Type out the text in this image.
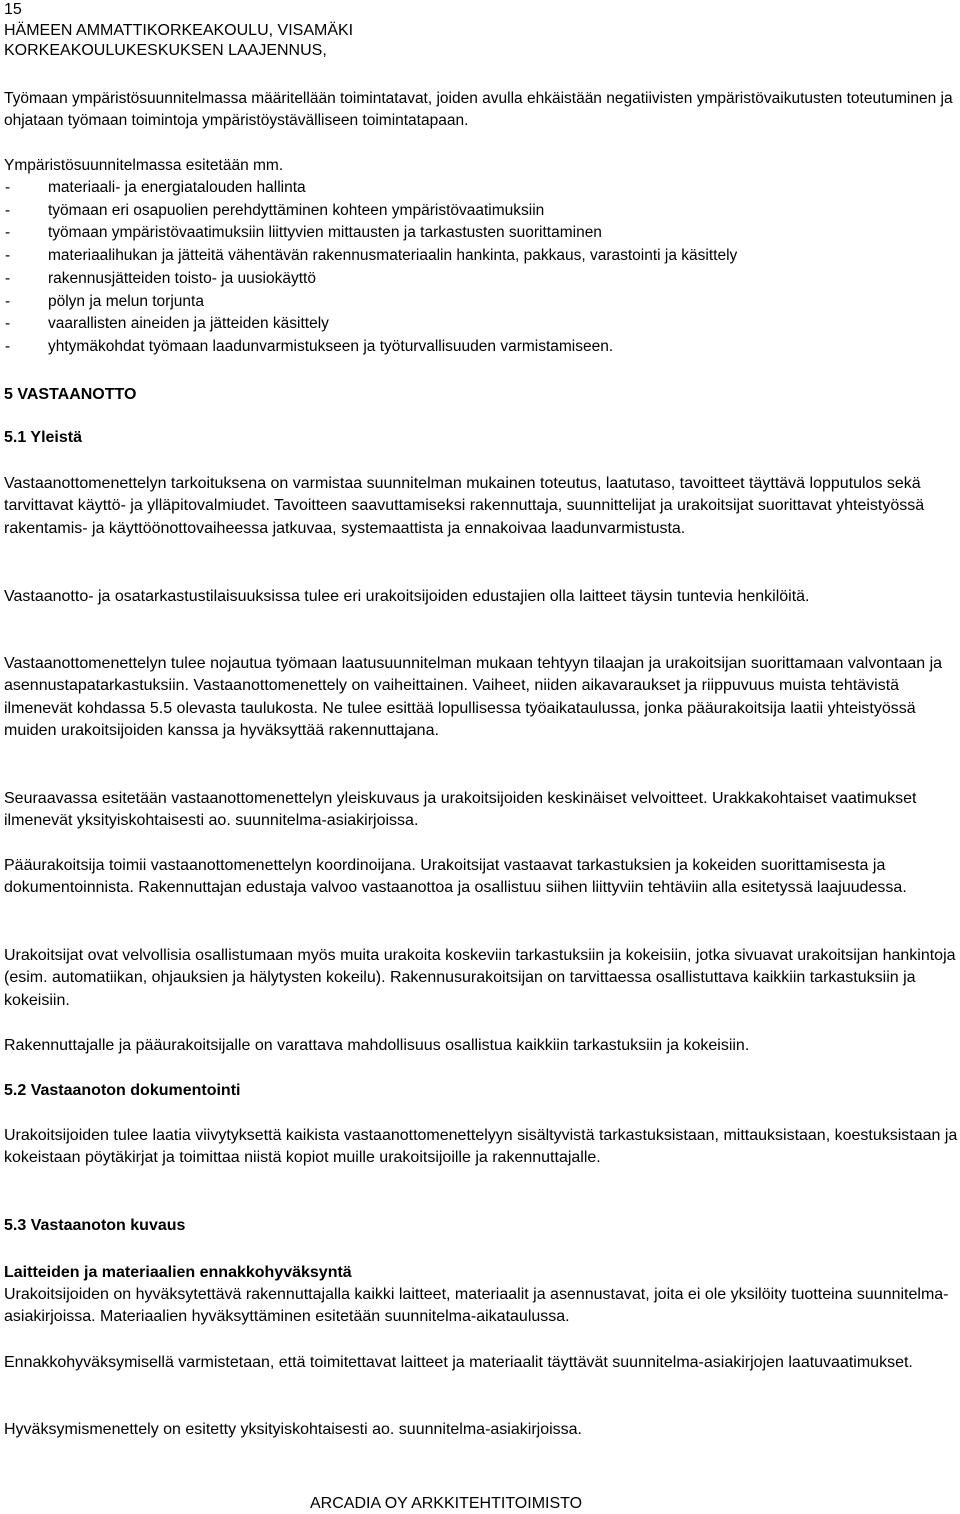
15
HÄMEEN AMMATTIKORKEAKOULU, VISAMÄKI
KORKEAKOULUKESKUKSEN LAAJENNUS,

Työmaan ympäristösuunnitelmassa määritellään toimintatavat, joiden avulla ehkäistään negatiivisten ympäristövaikutusten toteutuminen ja ohjataan työmaan toimintoja ympäristöystävälliseen toimintatapaan.

Ympäristösuunnitelmassa esitetään mm.

- materiaali- ja energiatalouden hallinta
- työmaan eri osapuolien perehdyttäminen kohteen ympäristövaatimuksiin
- työmaan ympäristövaatimuksiin liittyvien mittausten ja tarkastusten suorittaminen
- materiaalihukan ja jätteitä vähentävän rakennusmateriaalin hankinta, pakkaus, varastointi ja käsittely
- rakennusjätteiden toisto- ja uusiokäyttö
- pölyn ja melun torjunta
- vaarallisten aineiden ja jätteiden käsittely
- yhtymäkohdat työmaan laadunvarmistukseen ja työturvallisuuden varmistamiseen.
5 VASTAANOTTO
5.1 Yleistä

Vastaanottomenettelyn tarkoituksena on varmistaa suunnitelman mukainen toteutus, laatutaso, tavoitteet täyttävä lopputulos sekä tarvittavat käyttö- ja ylläpitovalmiudet. Tavoitteen saavuttamiseksi rakennuttaja, suunnittelijat ja urakoitsijat suorittavat yhteistyössä rakentamis- ja käyttöönottovaiheessa jatkuvaa, systemaattista ja ennakoivaa laadunvarmistusta.

Vastaanotto- ja osatarkastustilaisuuksissa tulee eri urakoitsijoiden edustajien olla laitteet täysin tuntevia henkilöitä.

Vastaanottomenettelyn tulee nojautua työmaan laatusuunnitelman mukaan tehtyyn tilaajan ja urakoitsijan suorittamaan valvontaan ja asennustapatarkastuksiin. Vastaanottomenettely on vaiheittainen. Vaiheet, niiden aikavaraukset ja riippuvuus muista tehtävistä ilmenevät kohdassa 5.5 olevasta taulukosta. Ne tulee esittää lopullisessa työaikataulussa, jonka pääurakoitsija laatii yhteistyössä muiden urakoitsijoiden kanssa ja hyväksyttää rakennuttajana.

Seuraavassa esitetään vastaanottomenettelyn yleiskuvaus ja urakoitsijoiden keskinäiset velvoitteet. Urakkakohtaiset vaatimukset ilmenevät yksityiskohtaisesti ao. suunnitelma-asiakirjoissa.

Pääurakoitsija toimii vastaanottomenettelyn koordinoijana. Urakoitsijat vastaavat tarkastuksien ja kokeiden suorittamisesta ja dokumentoinnista. Rakennuttajan edustaja valvoo vastaanottoa ja osallistuu siihen liittyviin tehtäviin alla esitetyssä laajuudessa.

Urakoitsijat ovat velvollisia osallistumaan myös muita urakoita koskeviin tarkastuksiin ja kokeisiin, jotka sivuavat urakoitsijan hankintoja (esim. automatiikan, ohjauksien ja hälytysten kokeilu). Rakennusurakoitsijan on tarvittaessa osallistuttava kaikkiin tarkastuksiin ja kokeisiin.

Rakennuttajalle ja pääurakoitsijalle on varattava mahdollisuus osallistua kaikkiin tarkastuksiin ja kokeisiin.

5.2 Vastaanoton dokumentointi

Urakoitsijoiden tulee laatia viivytyksettä kaikista vastaanottomenettelyyn sisältyvistä tarkastuksistaan, mittauksistaan, koestuksistaan ja kokeistaan pöytäkirjat ja toimittaa niistä kopiot muille urakoitsijoille ja rakennuttajalle.

5.3 Vastaanoton kuvaus
Laitteiden ja materiaalien ennakkohyväksyntä

Urakoitsijoiden on hyväksytettävä rakennuttajalla kaikki laitteet, materiaalit ja asennustavat, joita ei ole yksilöity tuotteina suunnitelma-asiakirjoissa. Materiaalien hyväksyttäminen esitetään suunnitelma-aikataulussa.

Ennakkohyväksymisellä varmistetaan, että toimitettavat laitteet ja materiaalit täyttävät suunnitelma-asiakirjojen laatuvaatimukset.

Hyväksymismenettely on esitetty yksityiskohtaisesti ao. suunnitelma-asiakirjoissa.

ARCADIA OY ARKKITEHTITOIMISTO
